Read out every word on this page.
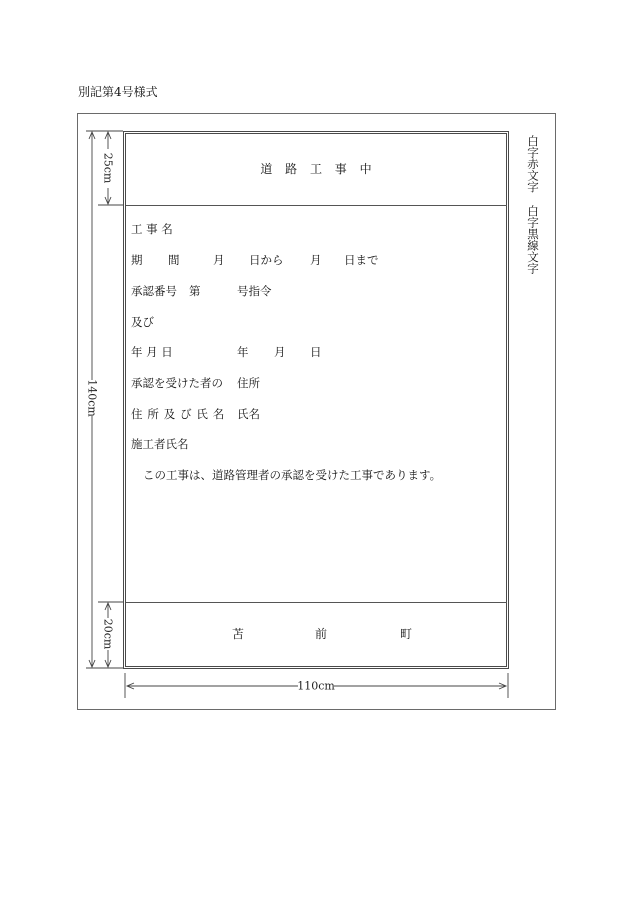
別記第4号様式
道 路 工 事 中
工 事 名
期 間	月 日から 月 日まで
承認番号 第	号指令
及び
年 月 日	年 月 日
承認を受けた者の 住所
住 所 及 び 氏 名 氏名
施工者氏名
この工事は、道路管理者の承認を受けた工事であります。
苫	前	町
白字赤文字
白字黒線文字
140cm
25cm
20cm
110cm
